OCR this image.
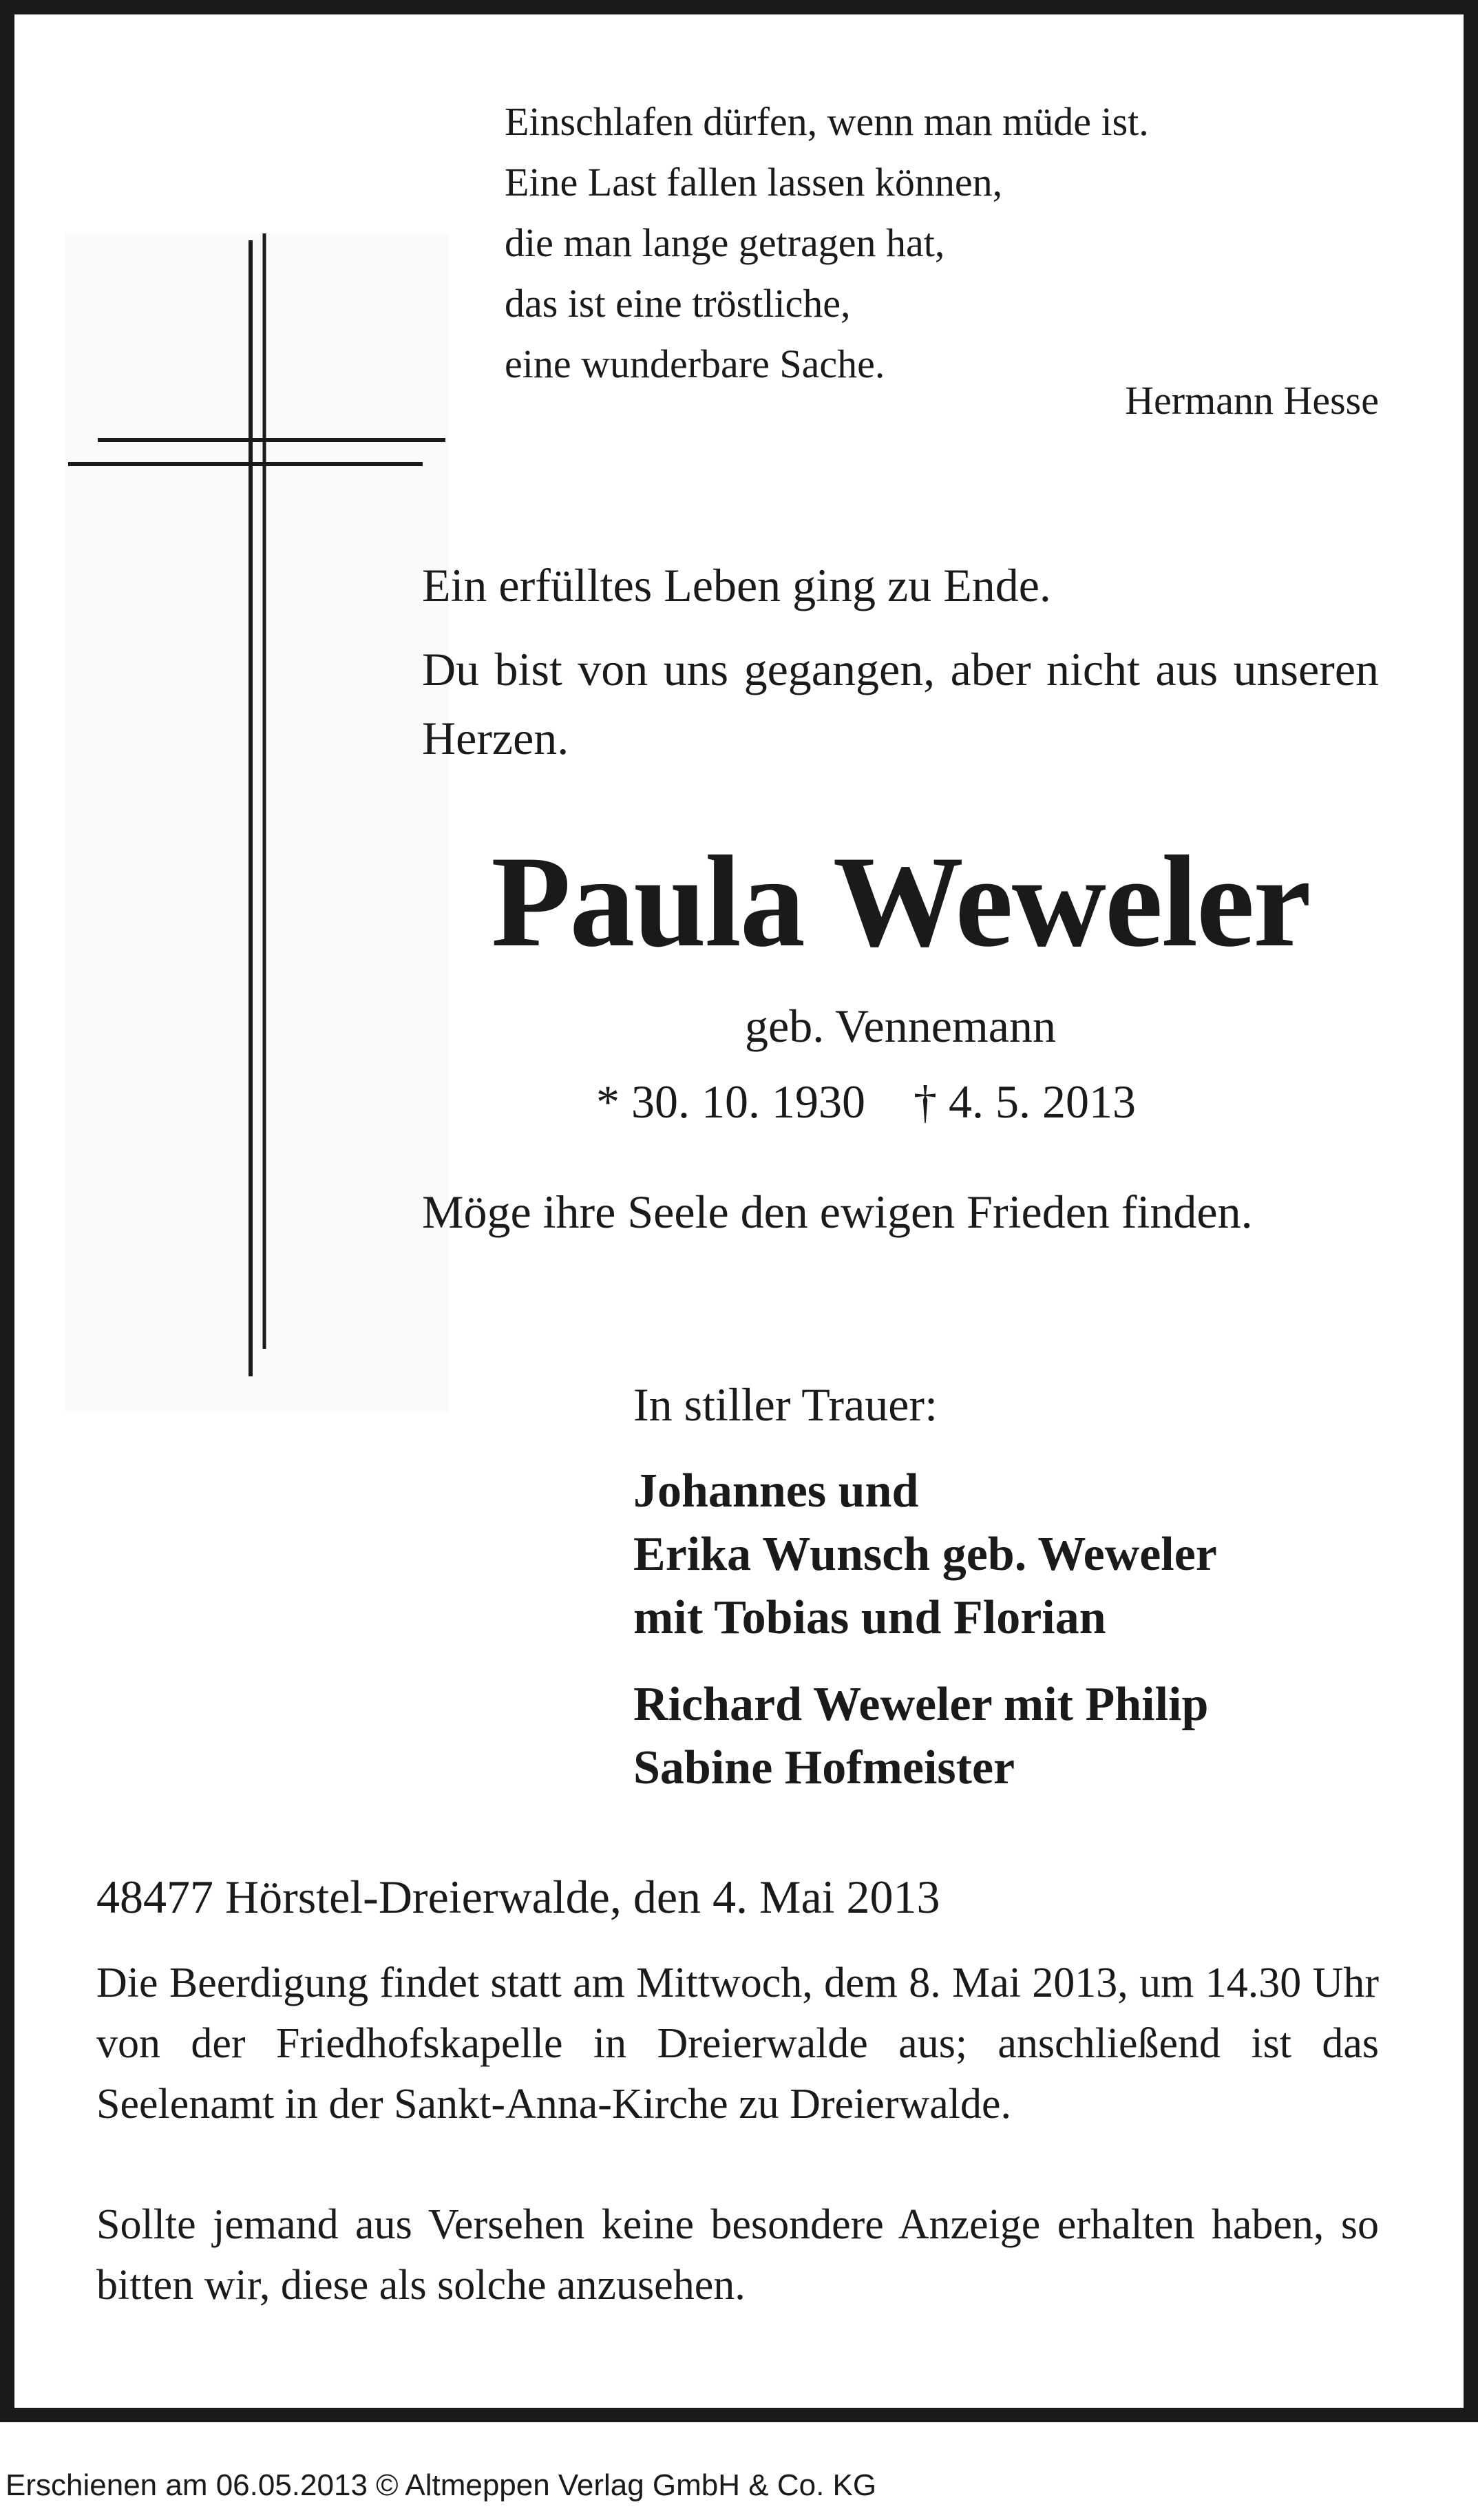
Einschlafen dürfen, wenn man müde ist.
Eine Last fallen lassen können,
die man lange getragen hat,
das ist eine tröstliche,
eine wunderbare Sache.
Hermann Hesse
Ein erfülltes Leben ging zu Ende.
Du bist von uns gegangen, aber nicht aus unseren Herzen.
Paula Weweler
geb. Vennemann
* 30. 10. 1930 † 4. 5. 2013
Möge ihre Seele den ewigen Frieden finden.
In stiller Trauer:
Johannes und
Erika Wunsch geb. Weweler
mit Tobias und Florian
Richard Weweler mit Philip
Sabine Hofmeister
48477 Hörstel-Dreierwalde, den 4. Mai 2013
Die Beerdigung findet statt am Mittwoch, dem 8. Mai 2013, um 14.30 Uhr von der Friedhofskapelle in Dreierwalde aus; anschließend ist das Seelenamt in der Sankt-Anna-Kirche zu Dreierwalde.
Sollte jemand aus Versehen keine besondere Anzeige erhalten haben, so bitten wir, diese als solche anzusehen.
Erschienen am 06.05.2013 © Altmeppen Verlag GmbH & Co. KG
